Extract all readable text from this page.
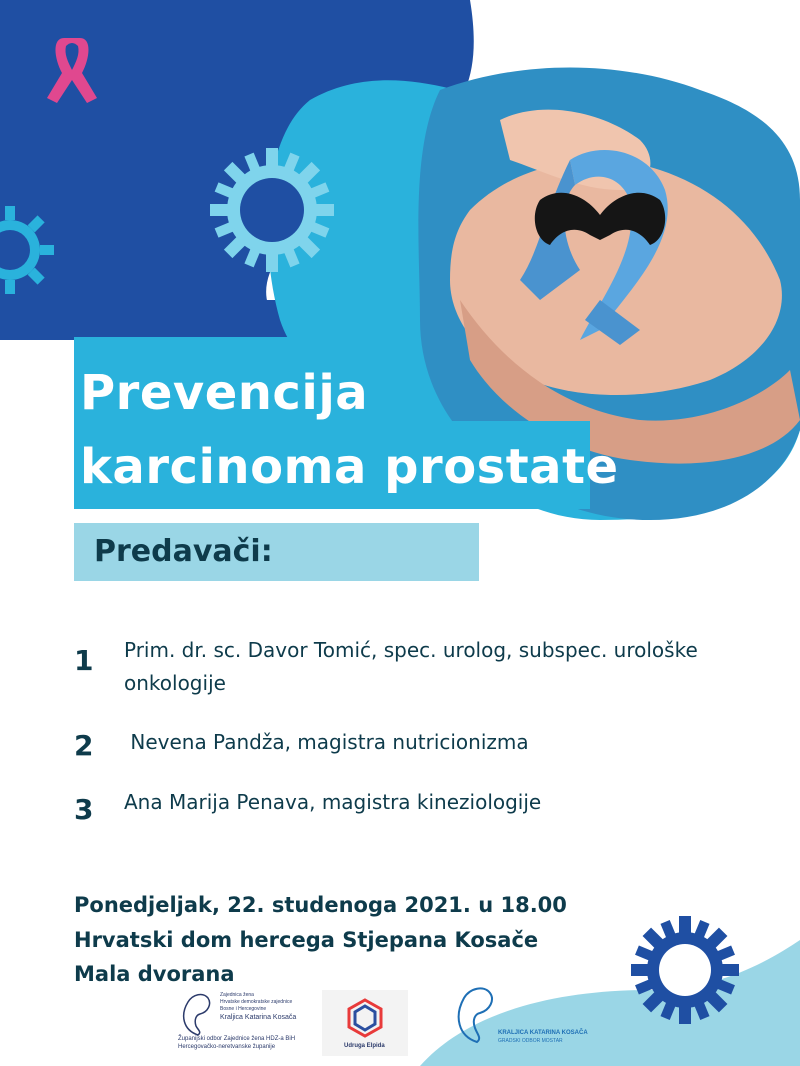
Prevencija
karcinoma prostate
Predavači:
1 Prim. dr. sc. Davor Tomić, spec. urolog, subspec. urološke onkologije
2 Nevena Pandža, magistra nutricionizma
3 Ana Marija Penava, magistra kineziologije
Ponedjeljak, 22. studenoga 2021. u 18.00
Hrvatski dom hercega Stjepana Kosače
Mala dvorana
Zajednica žena
Hrvatske demokratske zajednice
Bosne i Hercegovine
Kraljica Katarina Kosača
Županijski odbor Zajednice žena HDZ-a BiH
Hercegovačko-neretvanske županije	Udruga Elpida
KRALJICA KATARINA KOSAČA
GRADSKI ODBOR MOSTAR
